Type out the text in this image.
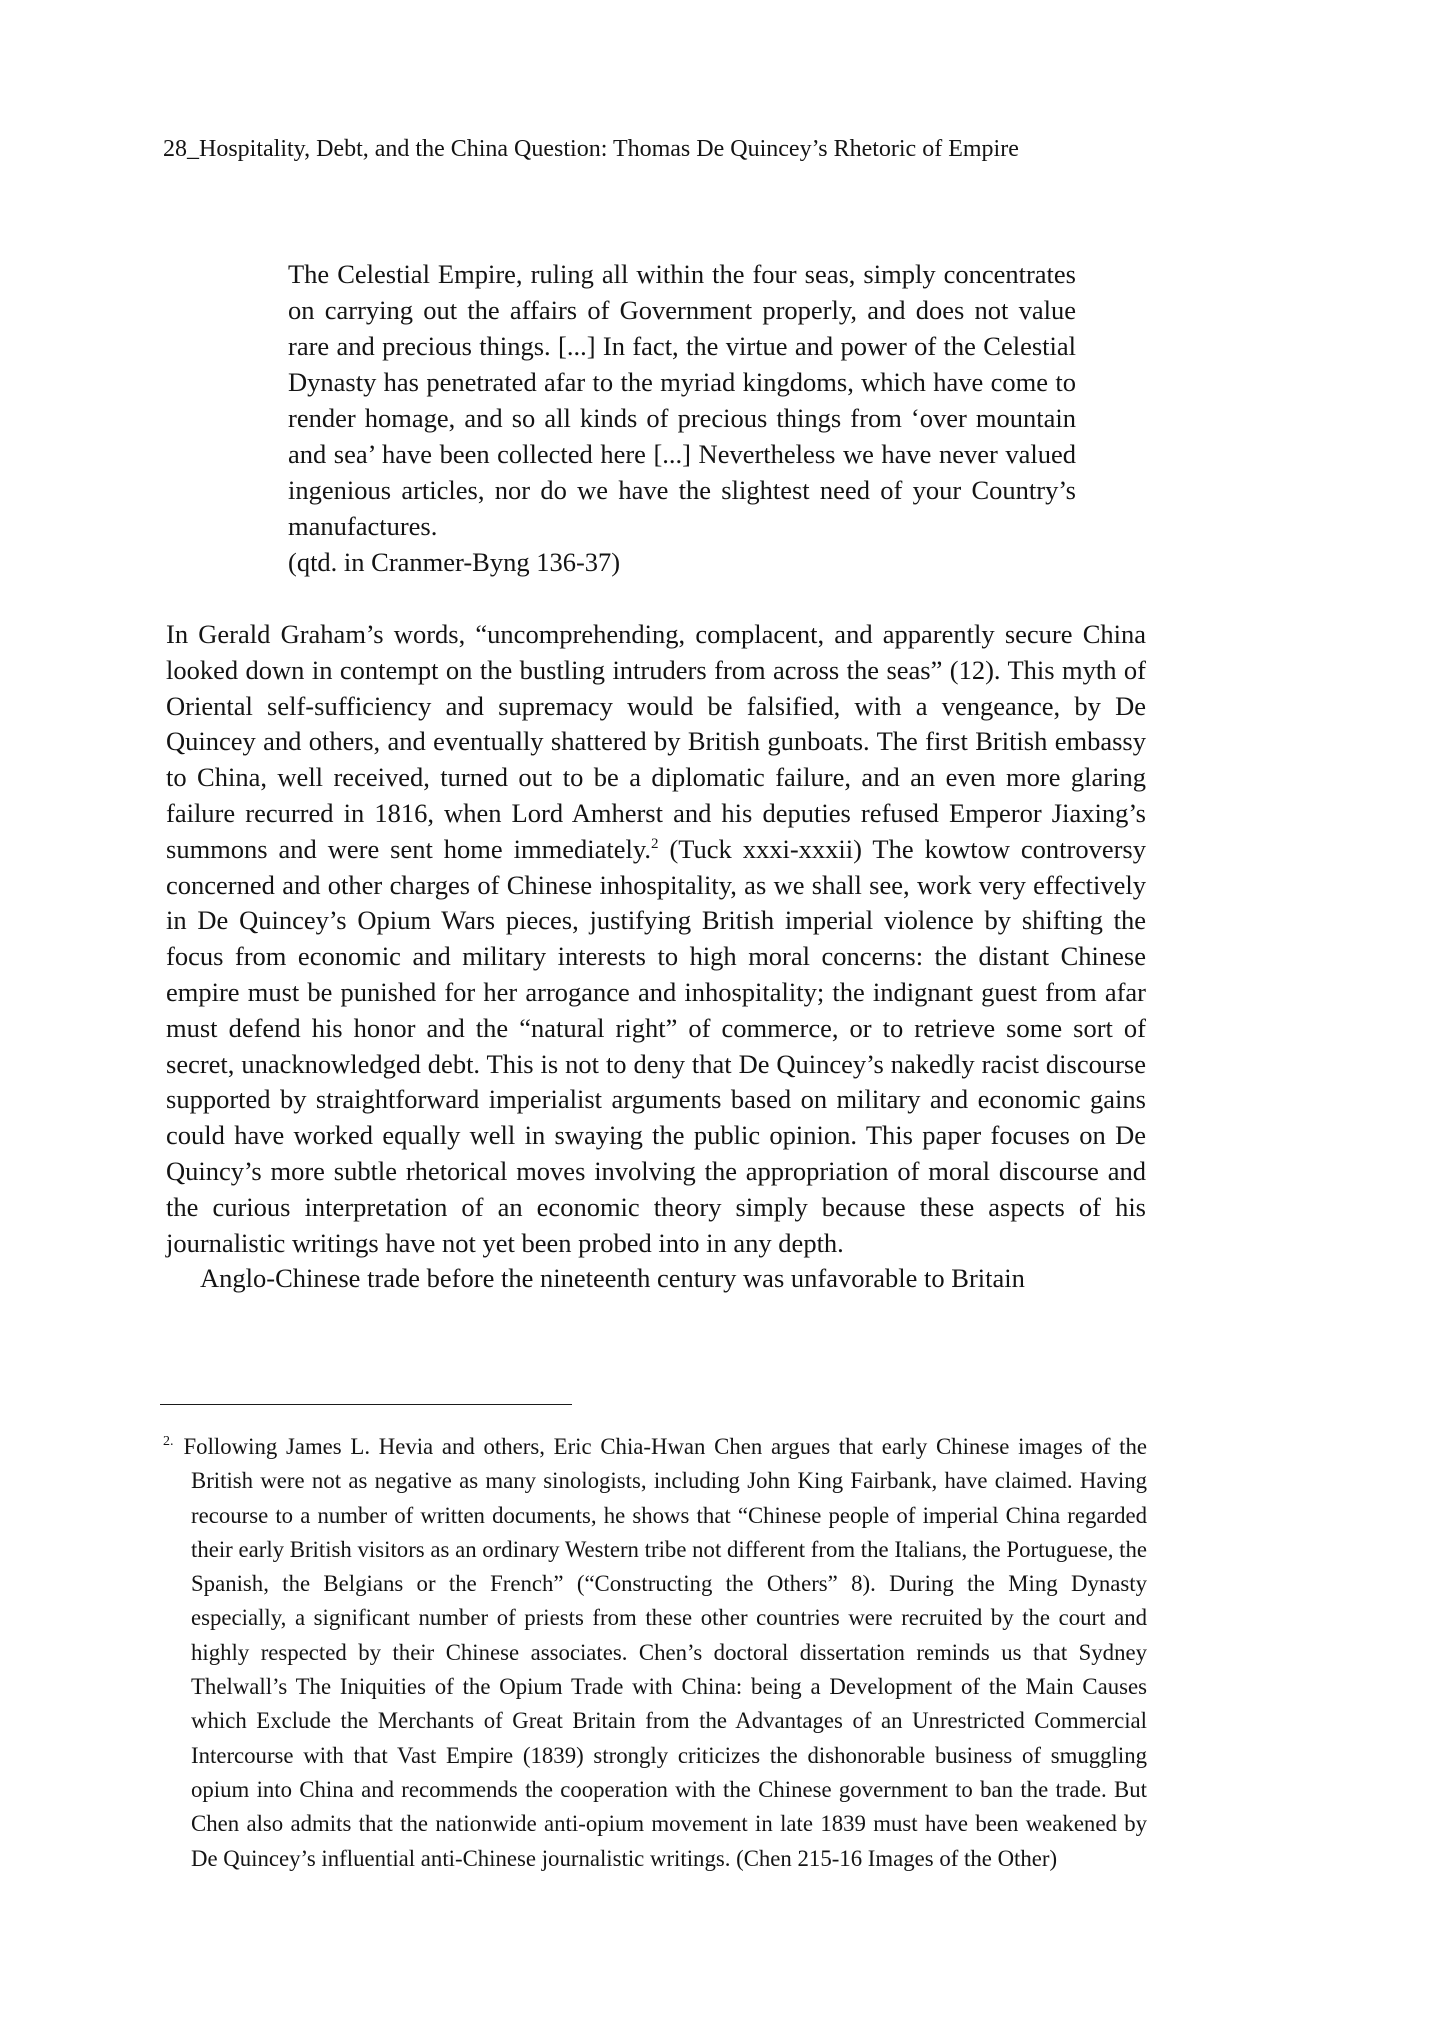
28_Hospitality, Debt, and the China Question: Thomas De Quincey’s Rhetoric of Empire

The Celestial Empire, ruling all within the four seas, simply concentrates on carrying out the affairs of Government properly, and does not value rare and precious things. [...] In fact, the virtue and power of the Celestial Dynasty has penetrated afar to the myriad kingdoms, which have come to render homage, and so all kinds of precious things from ‘over mountain and sea’ have been collected here [...] Nevertheless we have never valued ingenious articles, nor do we have the slightest need of your Country’s manufactures.

(qtd. in Cranmer-Byng 136-37)

In Gerald Graham’s words, “uncomprehending, complacent, and apparently secure China looked down in contempt on the bustling intruders from across the seas” (12). This myth of Oriental self-sufficiency and supremacy would be falsified, with a vengeance, by De Quincey and others, and eventually shattered by British gunboats. The first British embassy to China, well received, turned out to be a diplomatic failure, and an even more glaring failure recurred in 1816, when Lord Amherst and his deputies refused Emperor Jiaxing’s summons and were sent home immediately.$^2$ (Tuck xxxi-xxxii) The kowtow controversy concerned and other charges of Chinese inhospitality, as we shall see, work very effectively in De Quincey’s Opium Wars pieces, justifying British imperial violence by shifting the focus from economic and military interests to high moral concerns: the distant Chinese empire must be punished for her arrogance and inhospitality; the indignant guest from afar must defend his honor and the “natural right” of commerce, or to retrieve some sort of secret, unacknowledged debt. This is not to deny that De Quincey’s nakedly racist discourse supported by straightforward imperialist arguments based on military and economic gains could have worked equally well in swaying the public opinion. This paper focuses on De Quincy’s more subtle rhetorical moves involving the appropriation of moral discourse and the curious interpretation of an economic theory simply because these aspects of his journalistic writings have not yet been probed into in any depth.

Anglo-Chinese trade before the nineteenth century was unfavorable to Britain

$^{2.}$ Following James L. Hevia and others, Eric Chia-Hwan Chen argues that early Chinese images of the British were not as negative as many sinologists, including John King Fairbank, have claimed. Having recourse to a number of written documents, he shows that “Chinese people of imperial China regarded their early British visitors as an ordinary Western tribe not different from the Italians, the Portuguese, the Spanish, the Belgians or the French” (“Constructing the Others” 8). During the Ming Dynasty especially, a significant number of priests from these other countries were recruited by the court and highly respected by their Chinese associates. Chen’s doctoral dissertation reminds us that Sydney Thelwall’s The Iniquities of the Opium Trade with China: being a Development of the Main Causes which Exclude the Merchants of Great Britain from the Advantages of an Unrestricted Commercial Intercourse with that Vast Empire (1839) strongly criticizes the dishonorable business of smuggling opium into China and recommends the cooperation with the Chinese government to ban the trade. But Chen also admits that the nationwide anti-opium movement in late 1839 must have been weakened by De Quincey’s influential anti-Chinese journalistic writings. (Chen 215-16 Images of the Other)
